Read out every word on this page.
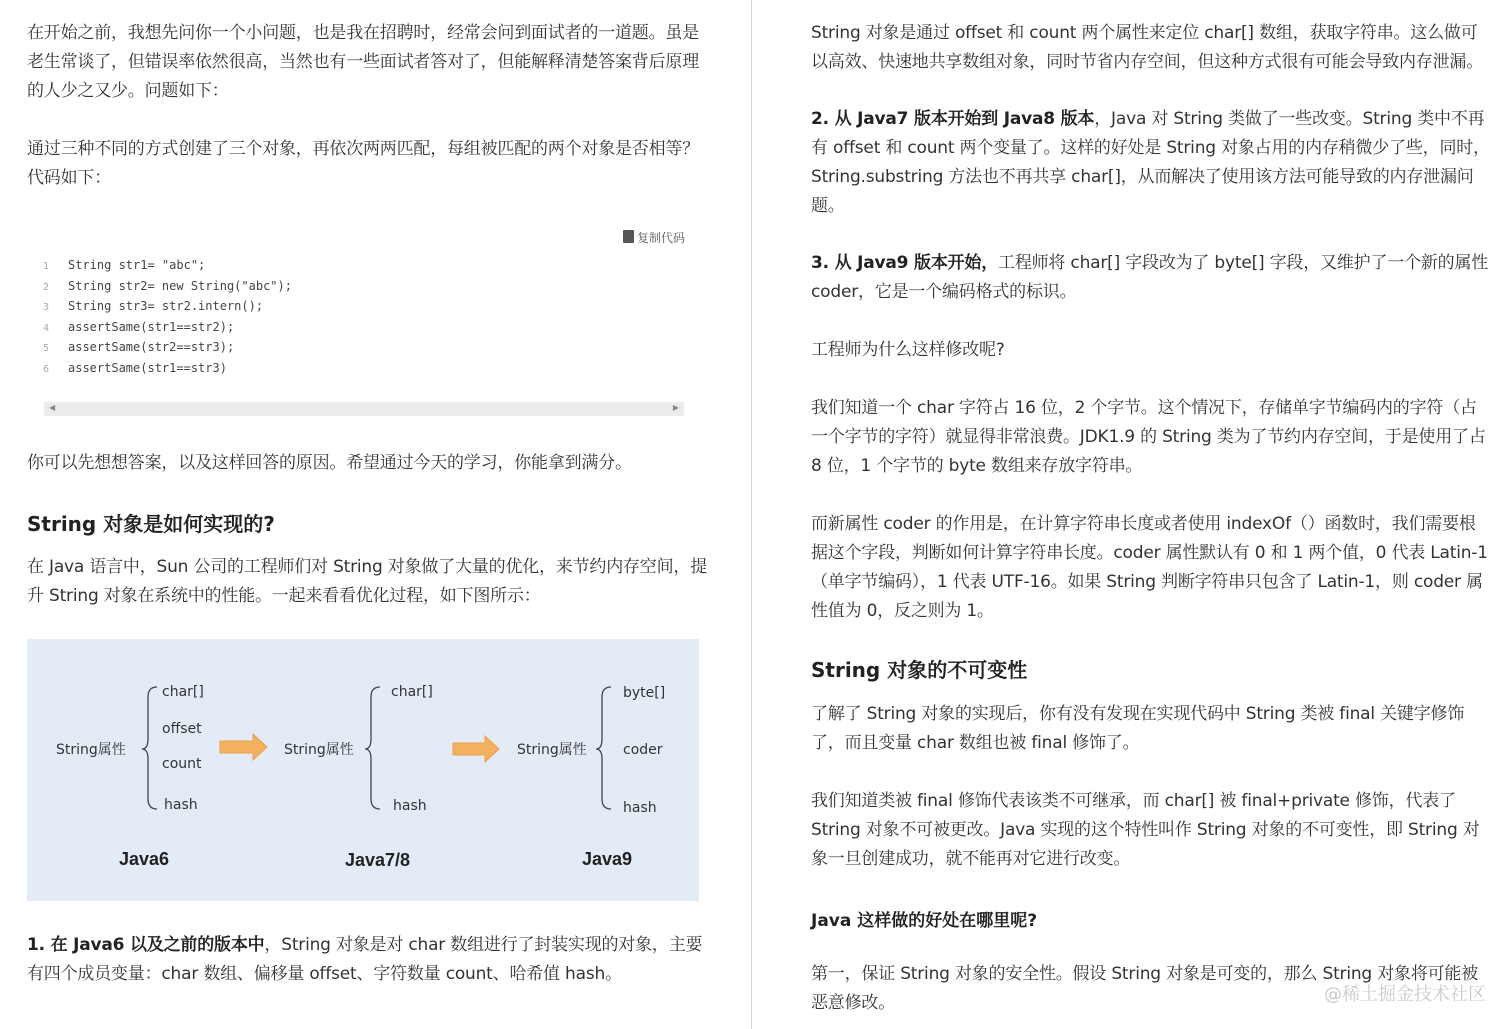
在开始之前，我想先问你一个小问题，也是我在招聘时，经常会问到面试者的一道题。虽是老生常谈了，但错误率依然很高，当然也有一些面试者答对了，但能解释清楚答案背后原理的人少之又少。问题如下：

通过三种不同的方式创建了三个对象，再依次两两匹配，每组被匹配的两个对象是否相等？代码如下：

复制代码
1 String str1= "abc";
2 String str2= new String("abc");
3 String str3= str2.intern();
4 assertSame(str1==str2);
5 assertSame(str2==str3);
6 assertSame(str1==str3)
◀	▶

你可以先想想答案，以及这样回答的原因。希望通过今天的学习，你能拿到满分。

String 对象是如何实现的?

在 Java 语言中，Sun 公司的工程师们对 String 对象做了大量的优化，来节约内存空间，提升 String 对象在系统中的性能。一起来看看优化过程，如下图所示：

String属性
char[]
offset
count
hash
Java6
String属性
char[]
hash
Java7/8
String属性
byte[]
coder
hash
Java9

1. 在 Java6 以及之前的版本中，String 对象是对 char 数组进行了封装实现的对象，主要有四个成员变量：char 数组、偏移量 offset、字符数量 count、哈希值 hash。

String 对象是通过 offset 和 count 两个属性来定位 char[] 数组，获取字符串。这么做可以高效、快速地共享数组对象，同时节省内存空间，但这种方式很有可能会导致内存泄漏。

2. 从 Java7 版本开始到 Java8 版本，Java 对 String 类做了一些改变。String 类中不再有 offset 和 count 两个变量了。这样的好处是 String 对象占用的内存稍微少了些，同时，String.substring 方法也不再共享 char[]，从而解决了使用该方法可能导致的内存泄漏问题。

3. 从 Java9 版本开始，工程师将 char[] 字段改为了 byte[] 字段，又维护了一个新的属性 coder，它是一个编码格式的标识。

工程师为什么这样修改呢?

我们知道一个 char 字符占 16 位，2 个字节。这个情况下，存储单字节编码内的字符（占一个字节的字符）就显得非常浪费。JDK1.9 的 String 类为了节约内存空间，于是使用了占 8 位，1 个字节的 byte 数组来存放字符串。

而新属性 coder 的作用是，在计算字符串长度或者使用 indexOf（）函数时，我们需要根据这个字段，判断如何计算字符串长度。coder 属性默认有 0 和 1 两个值，0 代表 Latin-1（单字节编码），1 代表 UTF-16。如果 String 判断字符串只包含了 Latin-1，则 coder 属性值为 0，反之则为 1。

String 对象的不可变性

了解了 String 对象的实现后，你有没有发现在实现代码中 String 类被 final 关键字修饰了，而且变量 char 数组也被 final 修饰了。

我们知道类被 final 修饰代表该类不可继承，而 char[] 被 final+private 修饰，代表了 String 对象不可被更改。Java 实现的这个特性叫作 String 对象的不可变性，即 String 对象一旦创建成功，就不能再对它进行改变。

Java 这样做的好处在哪里呢?

第一，保证 String 对象的安全性。假设 String 对象是可变的，那么 String 对象将可能被恶意修改。	@稀土掘金技术社区
